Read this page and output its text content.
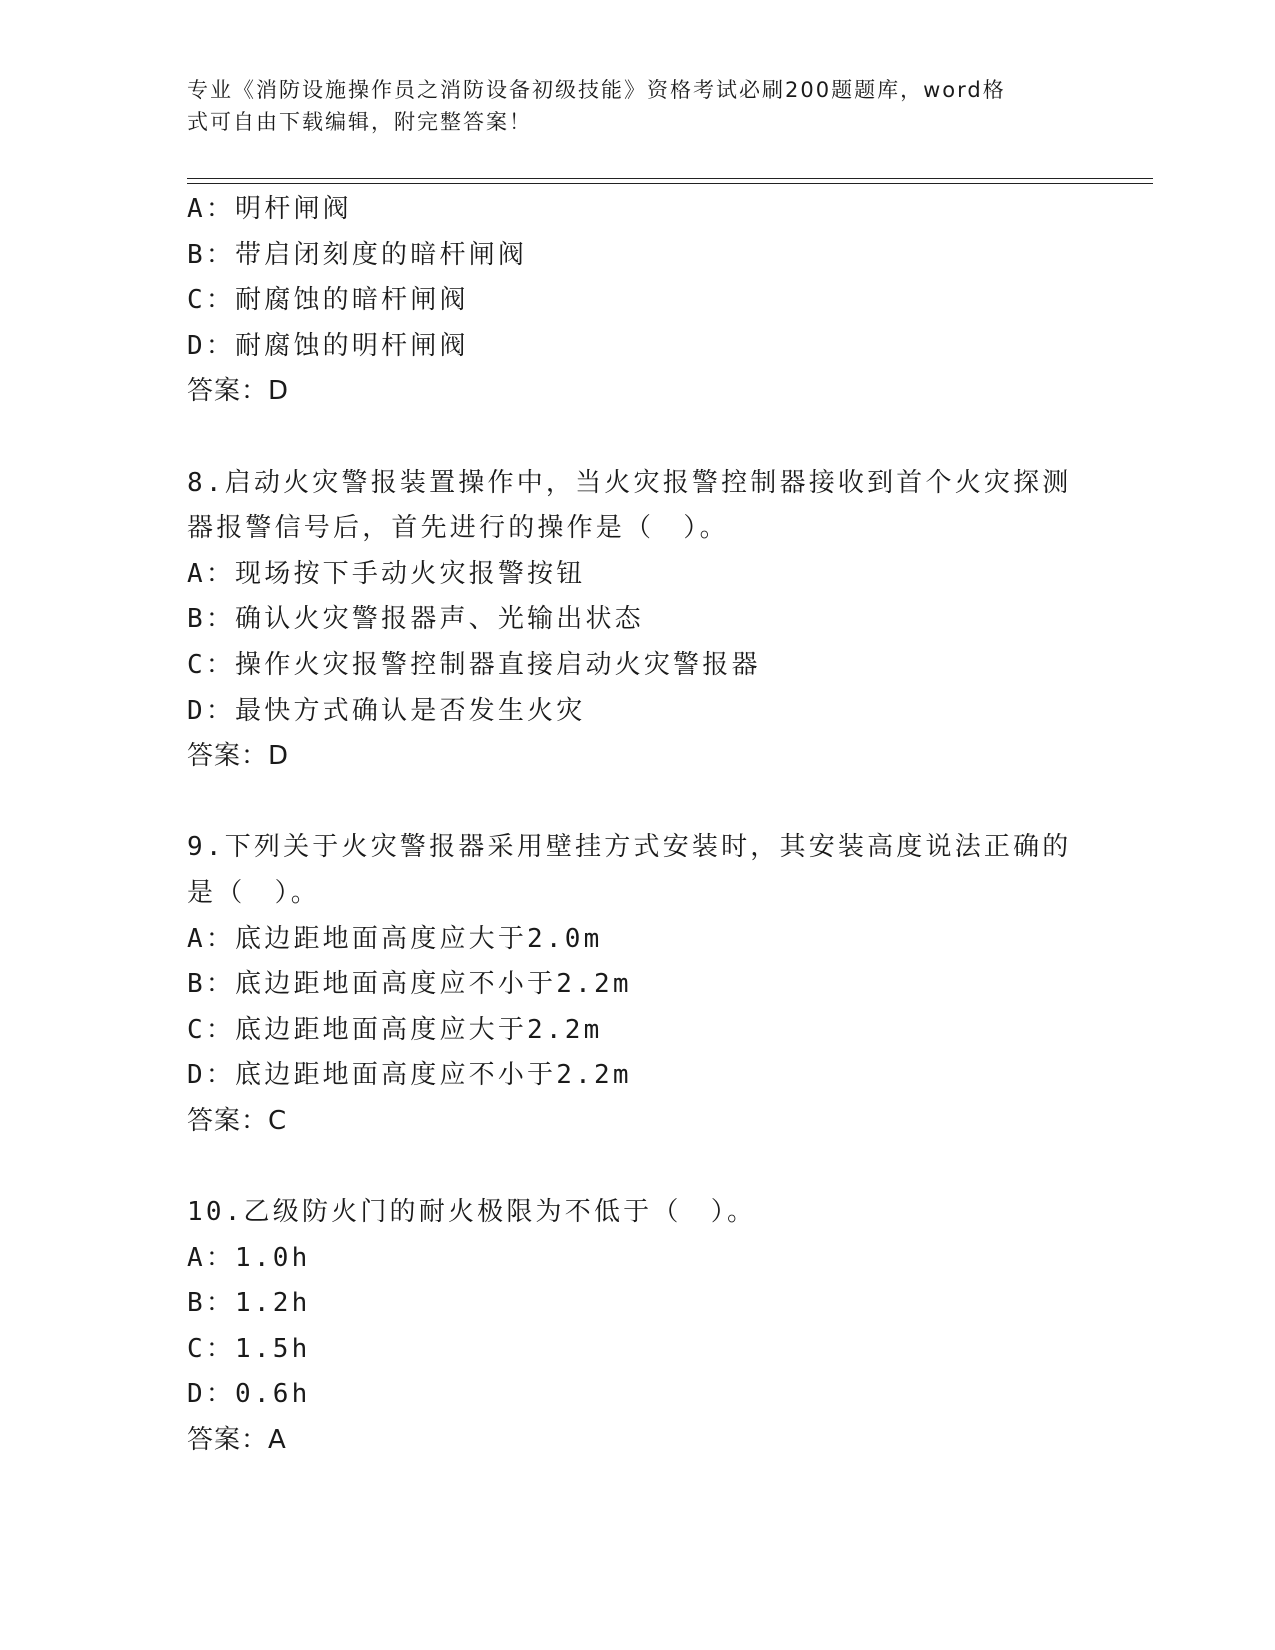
专业《消防设施操作员之消防设备初级技能》资格考试必刷200题题库，word格
式可自由下载编辑，附完整答案！
A：明杆闸阀
B：带启闭刻度的暗杆闸阀
C：耐腐蚀的暗杆闸阀
D：耐腐蚀的明杆闸阀
答案：D
8.启动火灾警报装置操作中，当火灾报警控制器接收到首个火灾探测
器报警信号后，首先进行的操作是（　）。
A：现场按下手动火灾报警按钮
B：确认火灾警报器声、光输出状态
C：操作火灾报警控制器直接启动火灾警报器
D：最快方式确认是否发生火灾
答案：D
9.下列关于火灾警报器采用壁挂方式安装时，其安装高度说法正确的
是（　）。
A：底边距地面高度应大于2.0m
B：底边距地面高度应不小于2.2m
C：底边距地面高度应大于2.2m
D：底边距地面高度应不小于2.2m
答案：C
10.乙级防火门的耐火极限为不低于（　）。
A：1.0h
B：1.2h
C：1.5h
D：0.6h
答案：A
